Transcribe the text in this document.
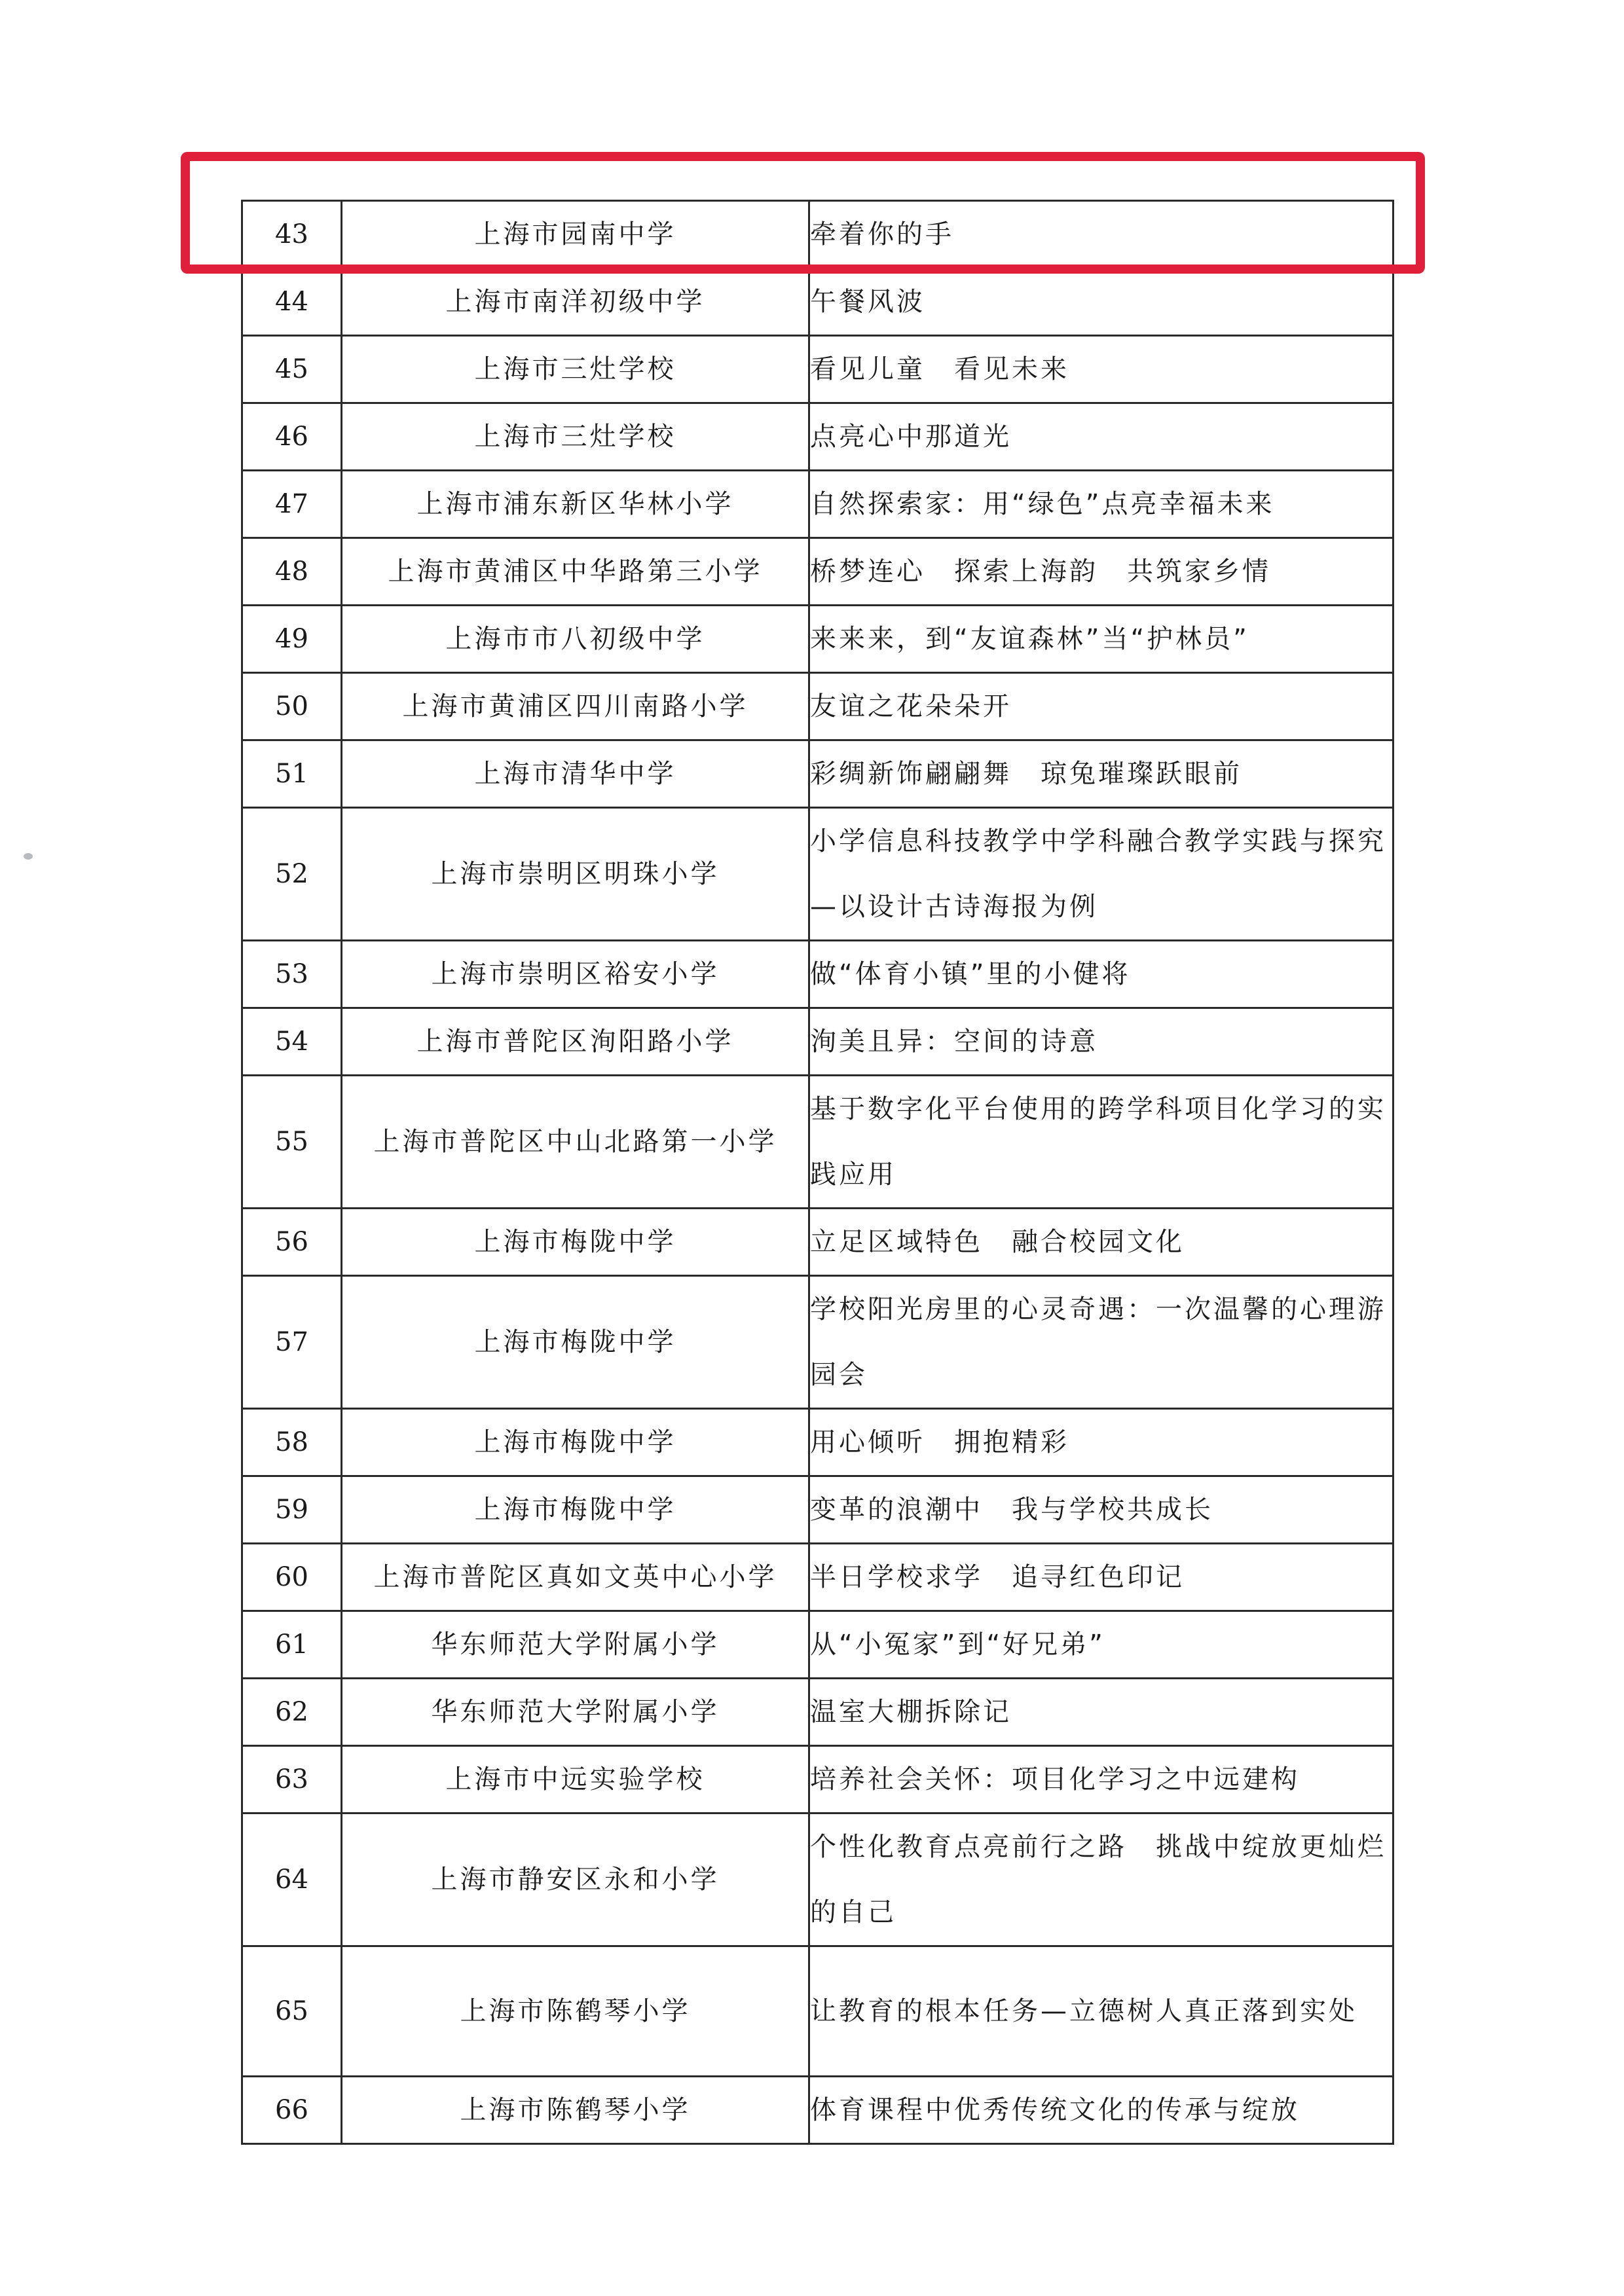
43	上海市园南中学	牵着你的手

44	上海市南洋初级中学	午餐风波

45	上海市三灶学校	看见儿童　看见未来

46	上海市三灶学校	点亮心中那道光

47	上海市浦东新区华林小学	自然探索家：用“绿色”点亮幸福未来

48	上海市黄浦区中华路第三小学	桥梦连心　探索上海韵　共筑家乡情

49	上海市市八初级中学	来来来，到“友谊森林”当“护林员”

50	上海市黄浦区四川南路小学	友谊之花朵朵开

51	上海市清华中学	彩绸新饰翩翩舞　琼兔璀璨跃眼前

52	上海市崇明区明珠小学	小学信息科技教学中学科融合教学实践与探究—以设计古诗海报为例

53	上海市崇明区裕安小学	做“体育小镇”里的小健将

54	上海市普陀区洵阳路小学	洵美且异：空间的诗意

55	上海市普陀区中山北路第一小学	基于数字化平台使用的跨学科项目化学习的实践应用

56	上海市梅陇中学	立足区域特色　融合校园文化

57	上海市梅陇中学	学校阳光房里的心灵奇遇：一次温馨的心理游园会

58	上海市梅陇中学	用心倾听　拥抱精彩

59	上海市梅陇中学	变革的浪潮中　我与学校共成长

60	上海市普陀区真如文英中心小学	半日学校求学　追寻红色印记

61	华东师范大学附属小学	从“小冤家”到“好兄弟”

62	华东师范大学附属小学	温室大棚拆除记

63	上海市中远实验学校	培养社会关怀：项目化学习之中远建构

64	上海市静安区永和小学	个性化教育点亮前行之路　挑战中绽放更灿烂的自己

65	上海市陈鹤琴小学	让教育的根本任务—立德树人真正落到实处

66	上海市陈鹤琴小学	体育课程中优秀传统文化的传承与绽放
